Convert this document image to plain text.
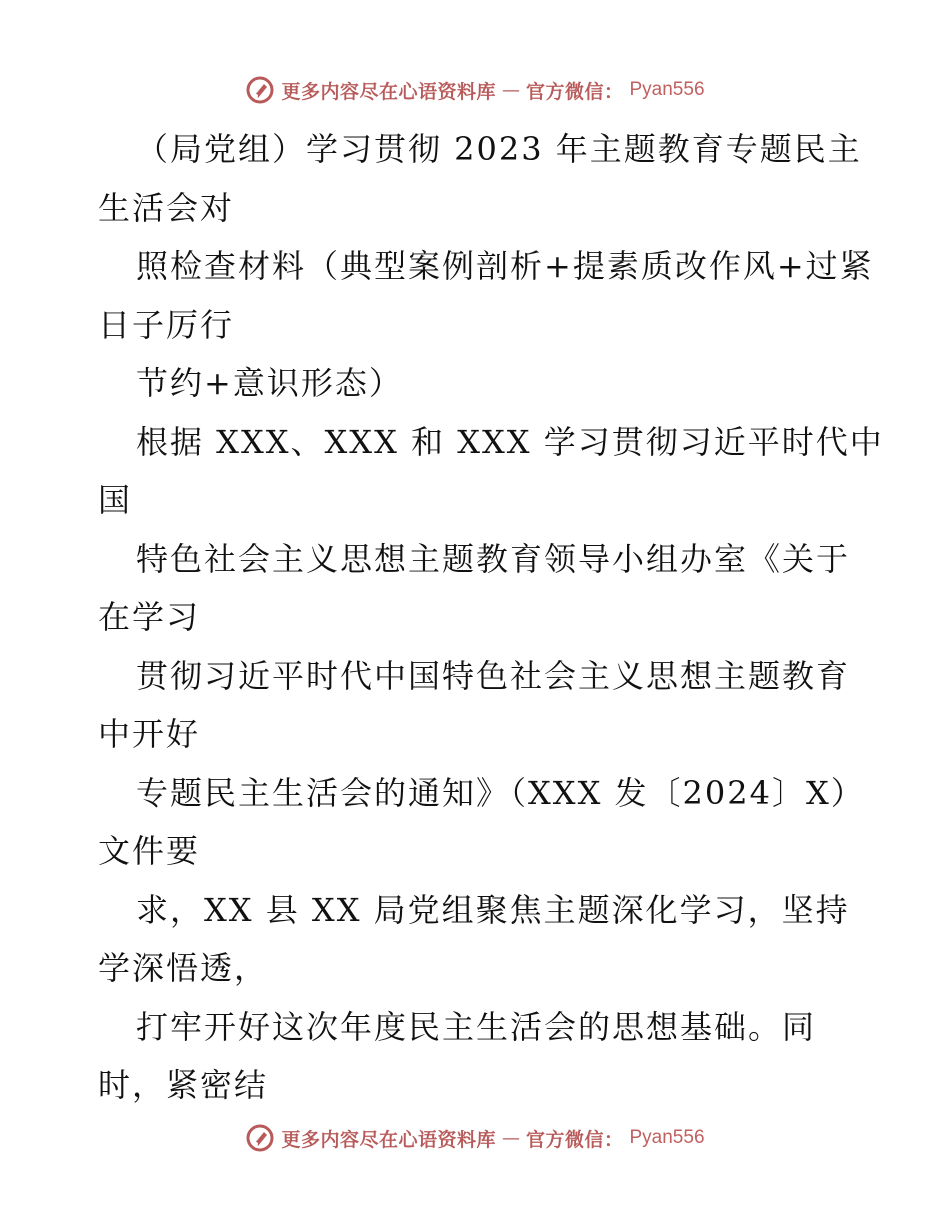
更多内容尽在心语资料库 — 官方微信： Pyan556
（局党组）学习贯彻 2023 年主题教育专题民主
生活会对
照检查材料（典型案例剖析+提素质改作风+过紧
日子厉行
节约+意识形态）
根据 XXX、XXX 和 XXX 学习贯彻习近平时代中
国
特色社会主义思想主题教育领导小组办室《关于
在学习
贯彻习近平时代中国特色社会主义思想主题教育
中开好
专题民主生活会的通知》（XXX 发〔2024〕X）
文件要
求，XX 县 XX 局党组聚焦主题深化学习，坚持
学深悟透，
打牢开好这次年度民主生活会的思想基础。同
时，紧密结
更多内容尽在心语资料库 — 官方微信： Pyan556
